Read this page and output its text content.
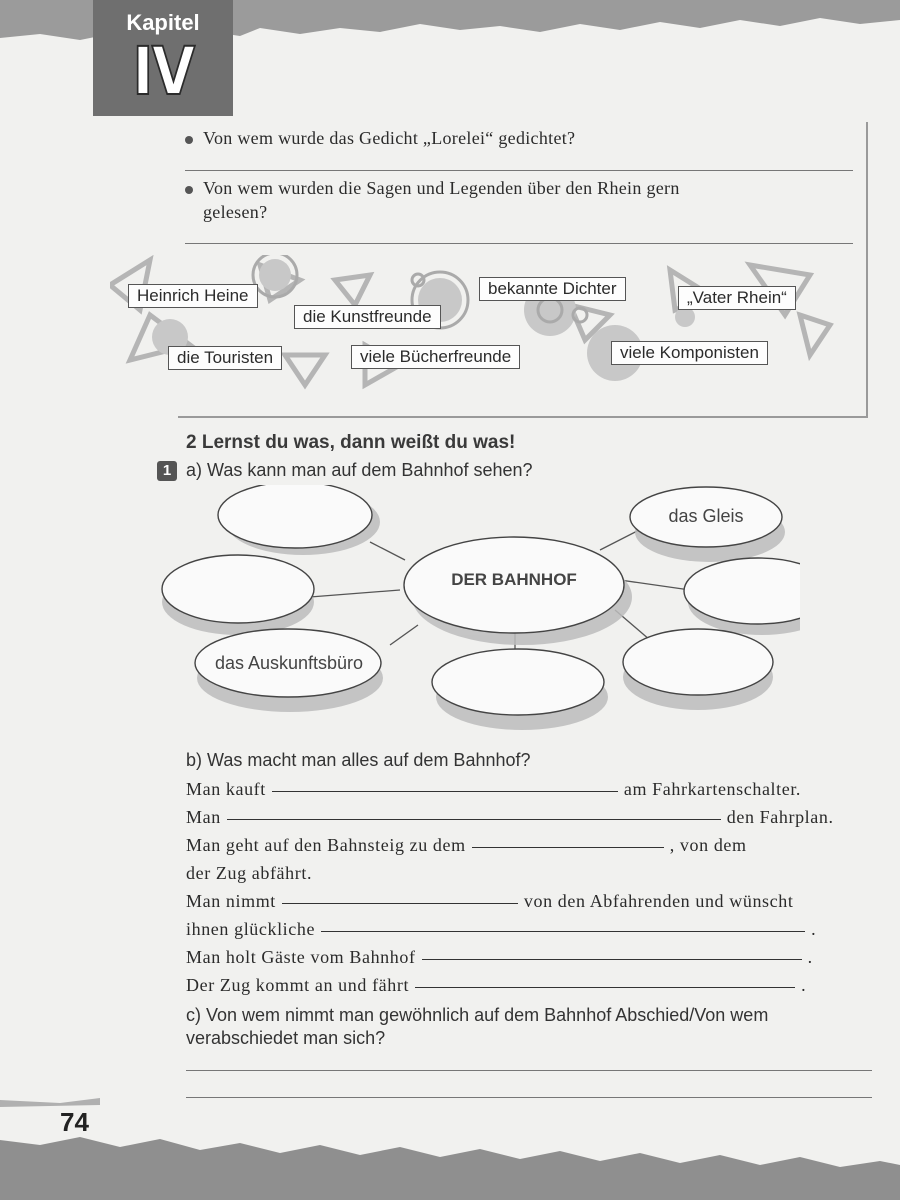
Kapitel
IV
Von wem wurde das Gedicht „Lorelei“ gedichtet?
Von wem wurden die Sagen und Legenden über den Rhein gern
gelesen?
Heinrich Heine
die Kunstfreunde
bekannte Dichter	„Vater Rhein“
die Touristen	viele Bücherfreunde	viele Komponisten
2 Lernst du was, dann weißt du was!
1 a) Was kann man auf dem Bahnhof sehen?
DER BAHNHOF
das Gleis
das Auskunftsbüro
b) Was macht man alles auf dem Bahnhof?
Man kauft	am Fahrkartenschalter.
Man	den Fahrplan.
Man geht auf den Bahnsteig zu dem	, von dem
der Zug abfährt.
Man nimmt	von den Abfahrenden und wünscht
ihnen glückliche	.
Man holt Gäste vom Bahnhof	.
Der Zug kommt an und fährt	.
c) Von wem nimmt man gewöhnlich auf dem Bahnhof Abschied/Von wem
verabschiedet man sich?
74
